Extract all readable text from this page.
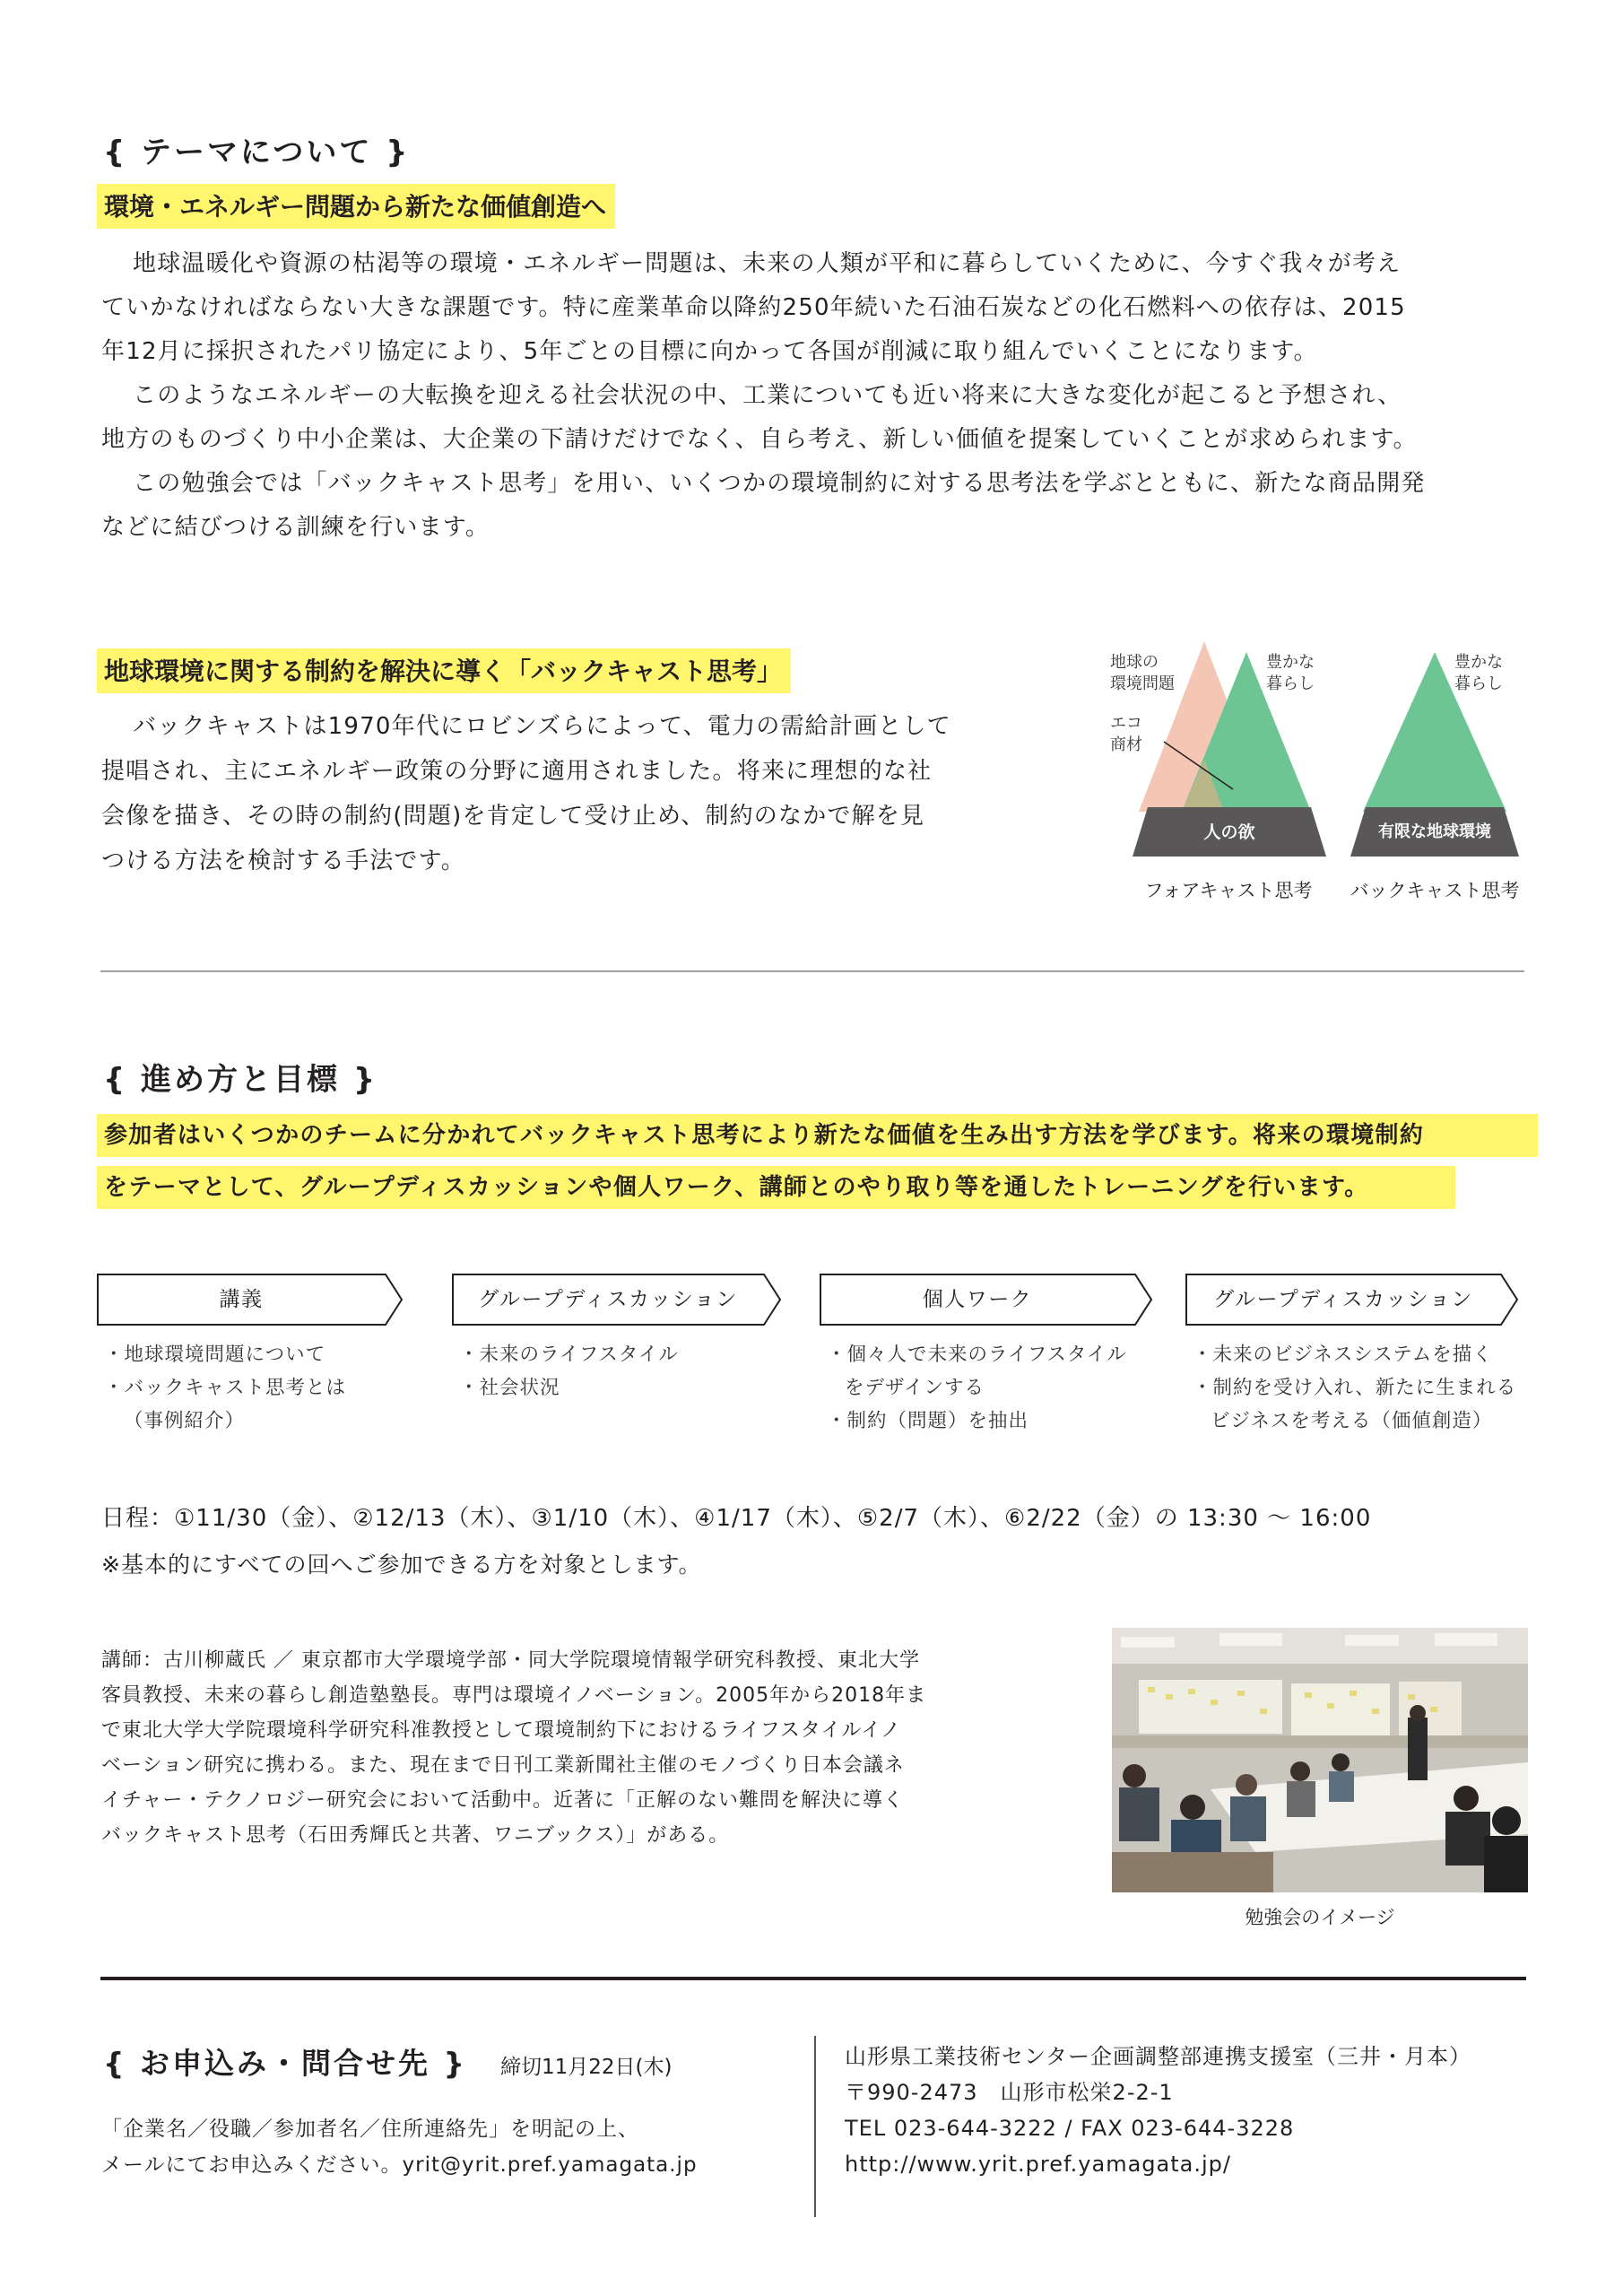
{ テーマについて }
環境・エネルギー問題から新たな価値創造へ
地球温暖化や資源の枯渇等の環境・エネルギー問題は、未来の人類が平和に暮らしていくために、今すぐ我々が考え
ていかなければならない大きな課題です。特に産業革命以降約250年続いた石油石炭などの化石燃料への依存は、2015
年12月に採択されたパリ協定により、5年ごとの目標に向かって各国が削減に取り組んでいくことになります。
このようなエネルギーの大転換を迎える社会状況の中、工業についても近い将来に大きな変化が起こると予想され、
地方のものづくり中小企業は、大企業の下請けだけでなく、自ら考え、新しい価値を提案していくことが求められます。
この勉強会では「バックキャスト思考」を用い、いくつかの環境制約に対する思考法を学ぶとともに、新たな商品開発
などに結びつける訓練を行います。
地球環境に関する制約を解決に導く「バックキャスト思考」
バックキャストは1970年代にロビンズらによって、電力の需給計画として
提唱され、主にエネルギー政策の分野に適用されました。将来に理想的な社
会像を描き、その時の制約(問題)を肯定して受け止め、制約のなかで解を見
つける方法を検討する手法です。
地球の
環境問題
豊かな
暮らし
エコ
商材
豊かな
暮らし
人の欲	有限な地球環境
フォアキャスト思考	バックキャスト思考
{ 進め方と目標 }
参加者はいくつかのチームに分かれてバックキャスト思考により新たな価値を生み出す方法を学びます。将来の環境制約
をテーマとして、グループディスカッションや個人ワーク、講師とのやり取り等を通したトレーニングを行います。
講義
・地球環境問題について
・バックキャスト思考とは
（事例紹介）
グループディスカッション
・未来のライフスタイル
・社会状況
個人ワーク
・個々人で未来のライフスタイル
をデザインする
・制約（問題）を抽出
グループディスカッション
・未来のビジネスシステムを描く
・制約を受け入れ、新たに生まれる
ビジネスを考える（価値創造）
日程：①11/30（金）、②12/13（木）、③1/10（木）、④1/17（木）、⑤2/7（木）、⑥2/22（金）の 13:30 〜 16:00
※基本的にすべての回へご参加できる方を対象とします。
講師：古川柳蔵氏 ／ 東京都市大学環境学部・同大学院環境情報学研究科教授、東北大学
客員教授、未来の暮らし創造塾塾長。専門は環境イノベーション。2005年から2018年ま
で東北大学大学院環境科学研究科准教授として環境制約下におけるライフスタイルイノ
ベーション研究に携わる。また、現在まで日刊工業新聞社主催のモノづくり日本会議ネ
イチャー・テクノロジー研究会において活動中。近著に「正解のない難問を解決に導く
バックキャスト思考（石田秀輝氏と共著、ワニブックス）」がある。
勉強会のイメージ
{ お申込み・問合せ先 } 締切11月22日(木)
「企業名／役職／参加者名／住所連絡先」を明記の上、
メールにてお申込みください。yrit@yrit.pref.yamagata.jp
山形県工業技術センター企画調整部連携支援室（三井・月本）
〒990-2473　山形市松栄2-2-1
TEL 023-644-3222 / FAX 023-644-3228
http://www.yrit.pref.yamagata.jp/
